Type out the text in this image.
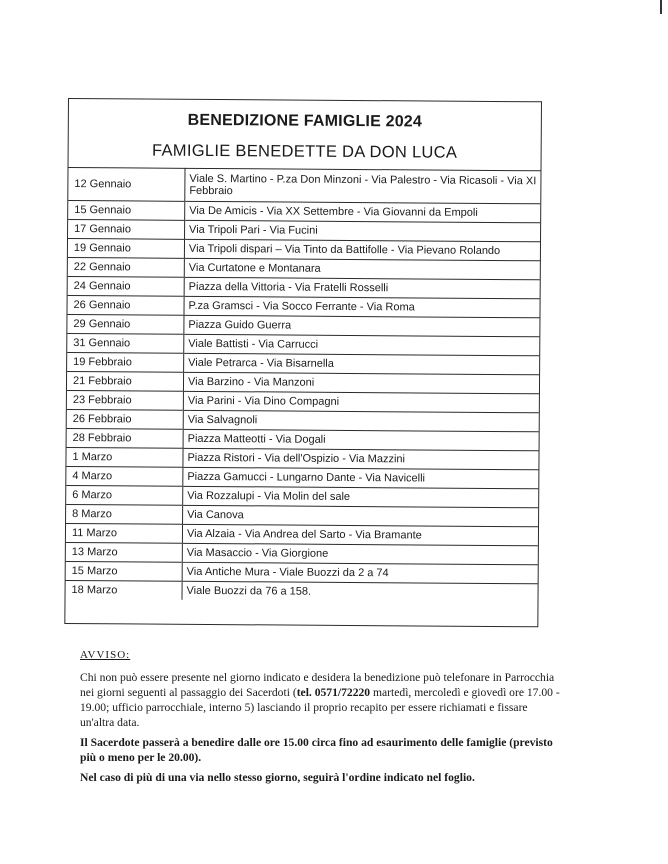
BENEDIZIONE FAMIGLIE 2024
FAMIGLIE BENEDETTE DA DON LUCA
12 Gennaio	Viale S. Martino - P.za Don Minzoni - Via Palestro - Via Ricasoli - Via XI Febbraio
15 Gennaio	Via De Amicis - Via XX Settembre - Via Giovanni da Empoli
17 Gennaio	Via Tripoli Pari - Via Fucini
19 Gennaio	Via Tripoli dispari – Via Tinto da Battifolle - Via Pievano Rolando
22 Gennaio	Via Curtatone e Montanara
24 Gennaio	Piazza della Vittoria - Via Fratelli Rosselli
26 Gennaio	P.za Gramsci - Via Socco Ferrante - Via Roma
29 Gennaio	Piazza Guido Guerra
31 Gennaio	Viale Battisti - Via Carrucci
19 Febbraio	Viale Petrarca - Via Bisarnella
21 Febbraio	Via Barzino - Via Manzoni
23 Febbraio	Via Parini - Via Dino Compagni
26 Febbraio	Via Salvagnoli
28 Febbraio	Piazza Matteotti - Via Dogali
1 Marzo	Piazza Ristori - Via dell'Ospizio - Via Mazzini
4 Marzo	Piazza Gamucci - Lungarno Dante - Via Navicelli
6 Marzo	Via Rozzalupi - Via Molin del sale
8 Marzo	Via Canova
11 Marzo	Via Alzaia - Via Andrea del Sarto - Via Bramante
13 Marzo	Via Masaccio - Via Giorgione
15 Marzo	Via Antiche Mura - Viale Buozzi da 2 a 74
18 Marzo	Viale Buozzi da 76 a 158.
AVVISO:

Chi non può essere presente nel giorno indicato e desidera la benedizione può telefonare in Parrocchia nei giorni seguenti al passaggio dei Sacerdoti (tel. 0571/72220 martedì, mercoledì e giovedì ore 17.00 - 19.00; ufficio parrocchiale, interno 5) lasciando il proprio recapito per essere richiamati e fissare un'altra data.

Il Sacerdote passerà a benedire dalle ore 15.00 circa fino ad esaurimento delle famiglie (previsto più o meno per le 20.00).

Nel caso di più di una via nello stesso giorno, seguirà l'ordine indicato nel foglio.
